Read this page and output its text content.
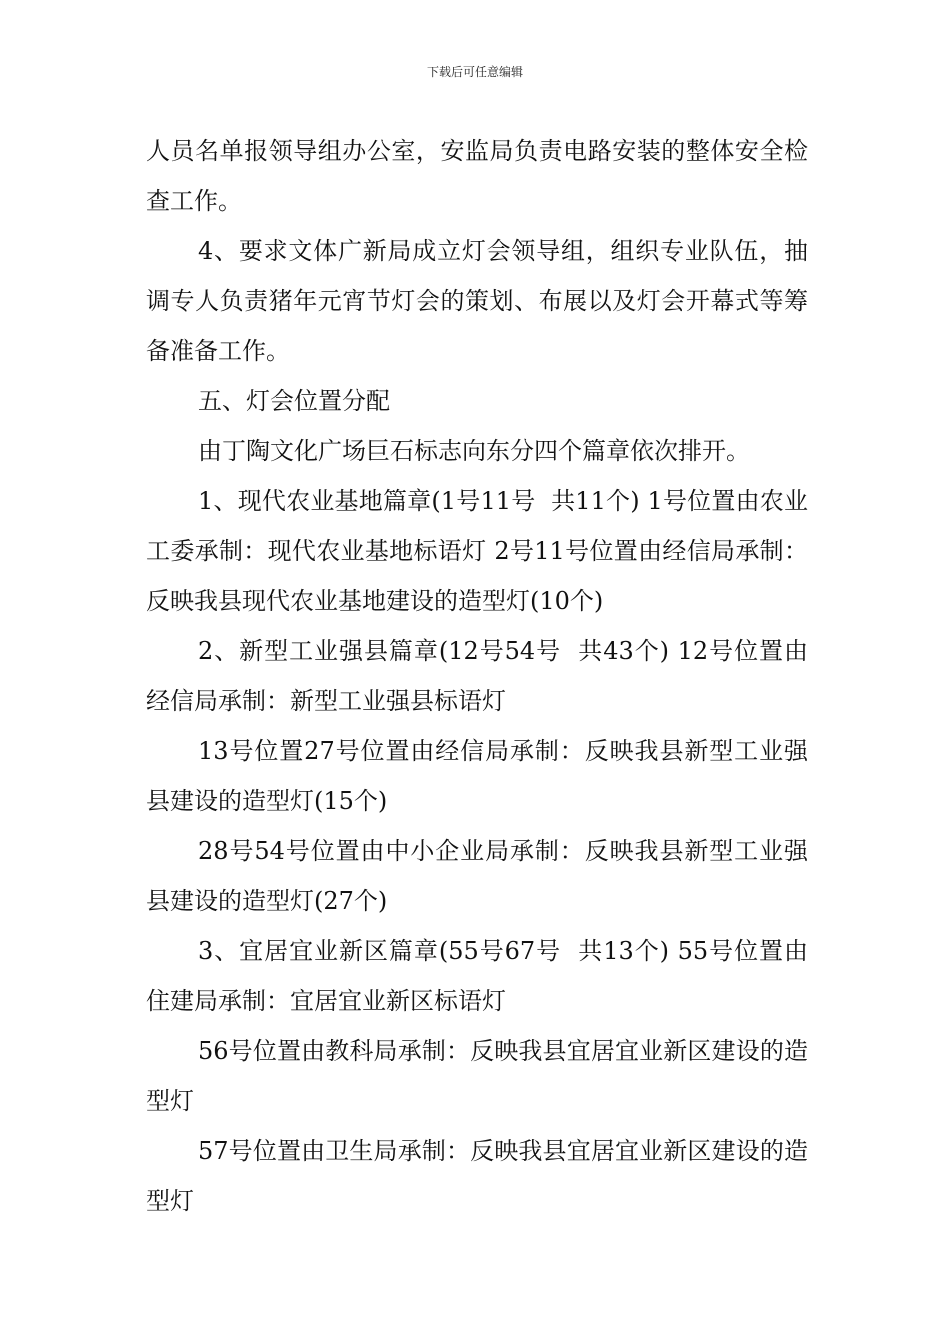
下载后可任意编辑

人员名单报领导组办公室，安监局负责电路安装的整体安全检查工作。

4、要求文体广新局成立灯会领导组，组织专业队伍，抽调专人负责猪年元宵节灯会的策划、布展以及灯会开幕式等筹备准备工作。

五、灯会位置分配

由丁陶文化广场巨石标志向东分四个篇章依次排开。

1、现代农业基地篇章(1号11号  共11个) 1号位置由农业工委承制：现代农业基地标语灯 2号11号位置由经信局承制：反映我县现代农业基地建设的造型灯(10个)

2、新型工业强县篇章(12号54号  共43个) 12号位置由经信局承制：新型工业强县标语灯

13号位置27号位置由经信局承制：反映我县新型工业强县建设的造型灯(15个)

28号54号位置由中小企业局承制：反映我县新型工业强县建设的造型灯(27个)

3、宜居宜业新区篇章(55号67号  共13个) 55号位置由住建局承制：宜居宜业新区标语灯

56号位置由教科局承制：反映我县宜居宜业新区建设的造型灯

57号位置由卫生局承制：反映我县宜居宜业新区建设的造型灯
